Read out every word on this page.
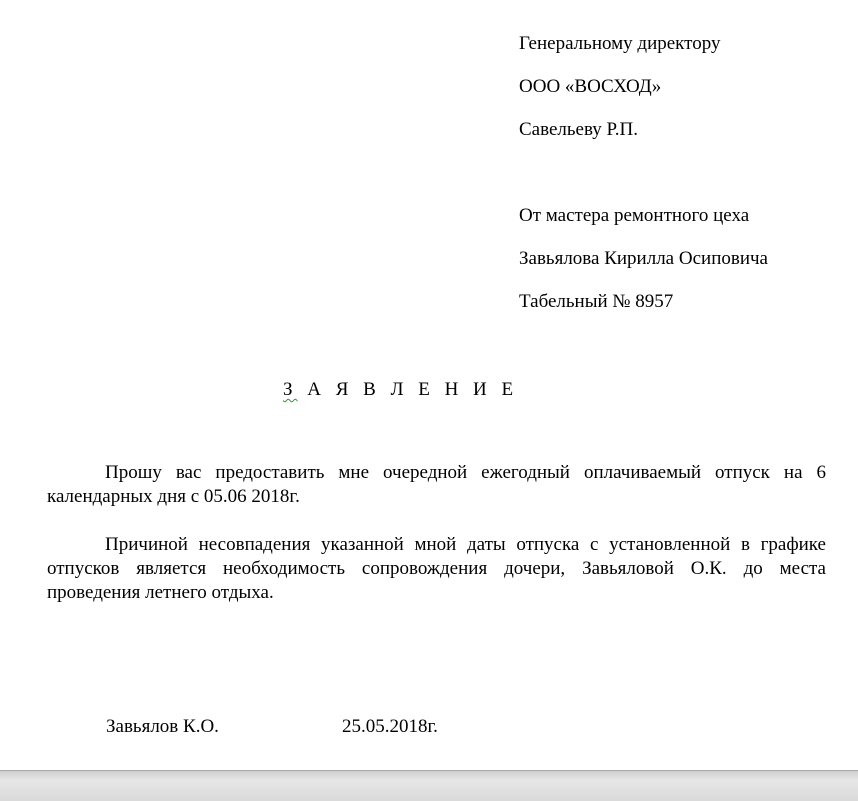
Генеральному директору
ООО «ВОСХОД»
Савельеву Р.П.
От мастера ремонтного цеха
Завьялова Кирилла Осиповича
Табельный № 8957
З А Я В Л Е Н И Е

Прошу вас предоставить мне очередной ежегодный оплачиваемый отпуск на 6 календарных дня с 05.06 2018г.

Причиной несовпадения указанной мной даты отпуска с установленной в графике отпусков является необходимость сопровождения дочери, Завьяловой О.К. до места проведения летнего отдыха.

Завьялов К.О.	25.05.2018г.
